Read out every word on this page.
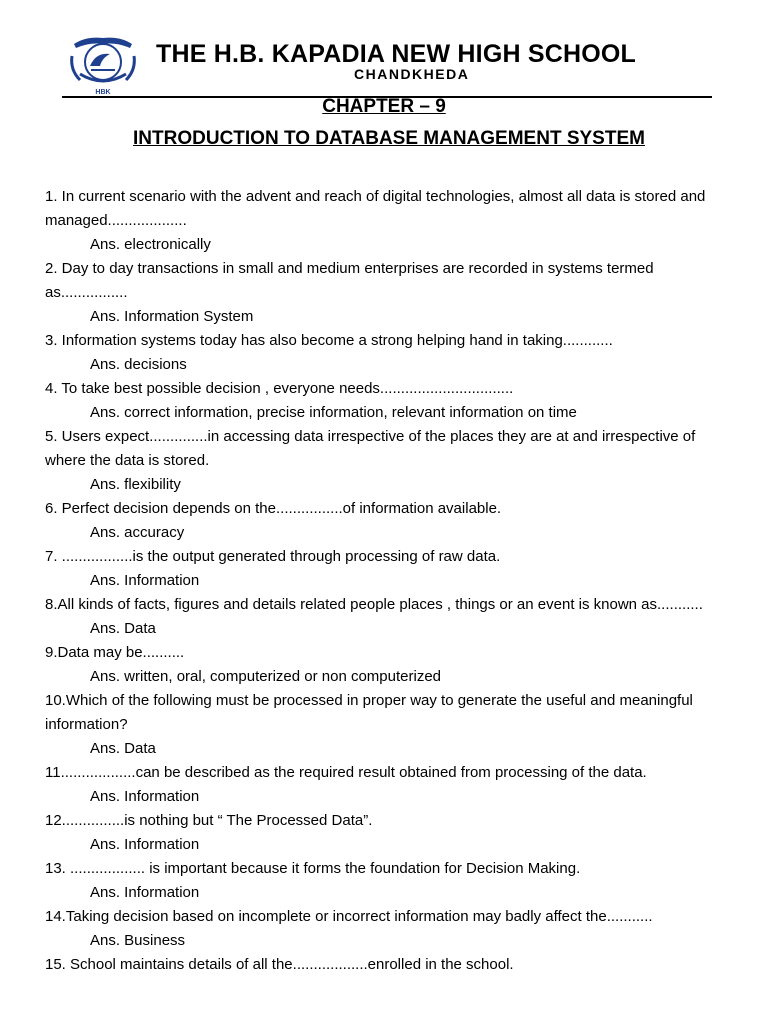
HBK
THE H.B. KAPADIA NEW HIGH SCHOOL
CHANDKHEDA
CHAPTER – 9
INTRODUCTION TO DATABASE MANAGEMENT SYSTEM

1. In current scenario with the advent and reach of digital technologies, almost all data is stored and managed...................

Ans. electronically

2. Day to day transactions in small and medium enterprises are recorded in systems termed as................

Ans. Information System

3. Information systems today has also become a strong helping hand in taking............

Ans. decisions

4. To take best possible decision , everyone needs................................

Ans. correct information, precise information, relevant information on time

5. Users expect..............in accessing data irrespective of the places they are at and irrespective of where the data is stored.

Ans. flexibility

6. Perfect decision depends on the................of information available.

Ans. accuracy

7. .................is the output generated through processing of raw data.

Ans. Information

8.All kinds of facts, figures and details related people places , things or an event is known as...........

Ans. Data

9.Data may be..........

Ans. written, oral, computerized or non computerized

10.Which of the following must be processed in proper way to generate the useful and meaningful information?

Ans. Data

11..................can be described as the required result obtained from processing of the data.

Ans. Information

12...............is nothing but “ The Processed Data”.

Ans. Information

13. .................. is important because it forms the foundation for Decision Making.

Ans. Information

14.Taking decision based on incomplete or incorrect information may badly affect the...........

Ans. Business

15. School maintains details of all the..................enrolled in the school.
